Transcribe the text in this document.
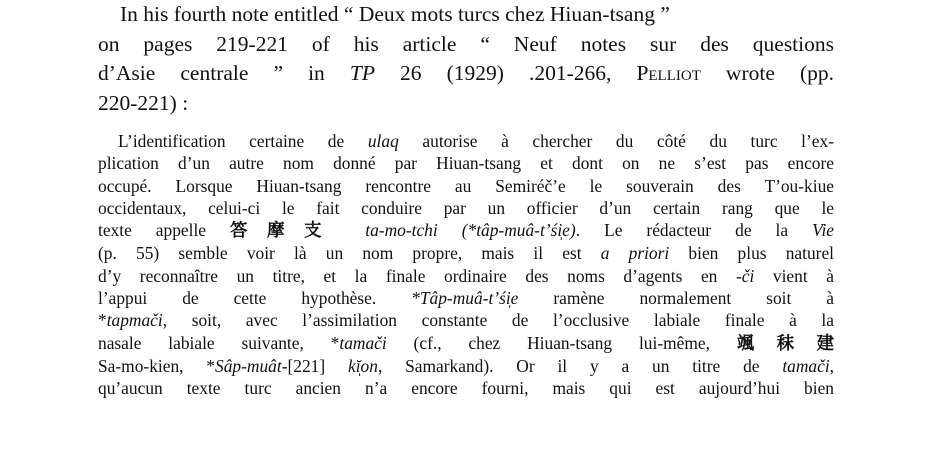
In his fourth note entitled “ Deux mots turcs chez Hiuan-tsang ”
on pages 219-221 of his article “ Neuf notes sur des questions
d’Asie centrale ” in TP 26 (1929) .201-266, Pelliot wrote (pp.
220-221) :
L’identification certaine de ulaq autorise à chercher du côté du turc l’ex-
plication d’un autre nom donné par Hiuan-tsang et dont on ne s’est pas encore
occupé. Lorsque Hiuan-tsang rencontre au Semiréč’e le souverain des T’ou-kiue
occidentaux, celui-ci le fait conduire par un officier d’un certain rang que le
texte appelle 答摩支 ta-mo-tchi (*tâp-muâ-t’śi̩e). Le rédacteur de la Vie
(p. 55) semble voir là un nom propre, mais il est a priori bien plus naturel
d’y reconnaître un titre, et la finale ordinaire des noms d’agents en -či vient à
l’appui de cette hypothèse. *Tâp-muâ-t’śi̩e ramène normalement soit à
*tapmači, soit, avec l’assimilation constante de l’occlusive labiale finale à la
nasale labiale suivante, *tamači (cf., chez Hiuan-tsang lui-même, 颯秣建
Sa-mo-kien, *Sâp-muât-[221] kĭ̩on, Samarkand). Or il y a un titre de tamači,
qu’aucun texte turc ancien n’a encore fourni, mais qui est aujourd’hui bien
